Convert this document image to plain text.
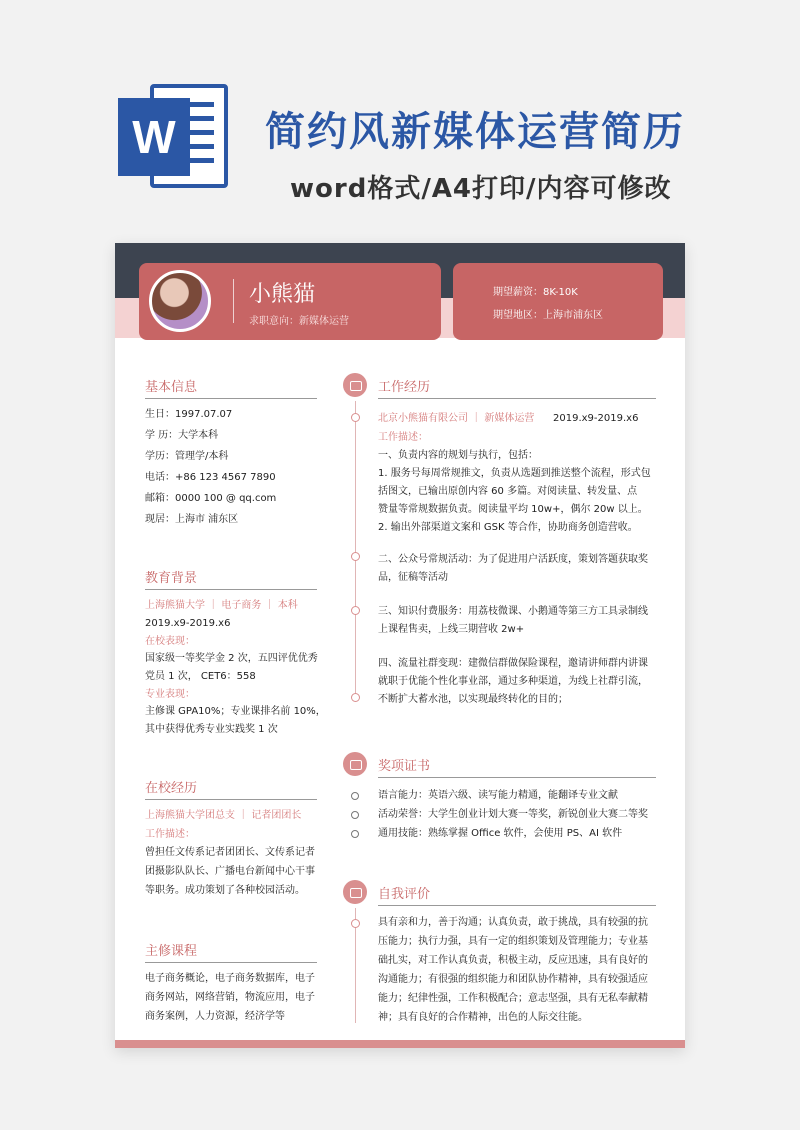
W	简约风新媒体运营简历
word格式/A4打印/内容可修改
小熊猫
求职意向：新媒体运营
期望薪资：8K-10K
期望地区：上海市浦东区
基本信息
生日：1997.07.07
学 历：大学本科
学历：管理学/本科
电话：+86 123 4567 7890
邮箱：0000 100 @ qq.com
现居：上海市 浦东区
教育背景
上海熊猫大学 ｜ 电子商务 ｜ 本科
2019.x9-2019.x6
在校表现：
国家级一等奖学金 2 次，五四评优优秀
党员 1 次， CET6：558
专业表现：
主修课 GPA10%；专业课排名前 10%，
其中获得优秀专业实践奖 1 次
在校经历
上海熊猫大学团总支 ｜ 记者团团长
工作描述：
曾担任文传系记者团团长、文传系记者
团摄影队队长、广播电台新闻中心干事
等职务。成功策划了各种校园活动。
主修课程
电子商务概论，电子商务数据库，电子
商务网站，网络营销，物流应用，电子
商务案例，人力资源，经济学等
工作经历
北京小熊猫有限公司 ｜ 新媒体运营 2019.x9-2019.x6
工作描述：
一、负责内容的规划与执行，包括：
1. 服务号每周常规推文，负责从选题到推送整个流程，形式包
括图文，已输出原创内容 60 多篇。对阅读量、转发量、点
赞量等常规数据负责。阅读量平均 10w+，偶尔 20w 以上。
2. 输出外部渠道文案和 GSK 等合作，协助商务创造营收。
二、公众号常规活动：为了促进用户活跃度，策划答题获取奖
品，征稿等活动
三、知识付费服务：用荔枝微课、小鹅通等第三方工具录制线
上课程售卖，上线三期营收 2w+
四、流量社群变现：建微信群做保险课程，邀请讲师群内讲课
就职于优能个性化事业部，通过多种渠道，为线上社群引流，
不断扩大蓄水池，以实现最终转化的目的；
奖项证书
语言能力：英语六级、读写能力精通，能翻译专业文献
活动荣誉：大学生创业计划大赛一等奖，新锐创业大赛二等奖
通用技能：熟练掌握 Office 软件，会使用 PS、AI 软件
自我评价
具有亲和力，善于沟通；认真负责，敢于挑战，具有较强的抗
压能力；执行力强，具有一定的组织策划及管理能力；专业基
础扎实，对工作认真负责，积极主动，反应迅速，具有良好的
沟通能力；有很强的组织能力和团队协作精神，具有较强适应
能力；纪律性强，工作积极配合；意志坚强，具有无私奉献精
神；具有良好的合作精神，出色的人际交往能。
